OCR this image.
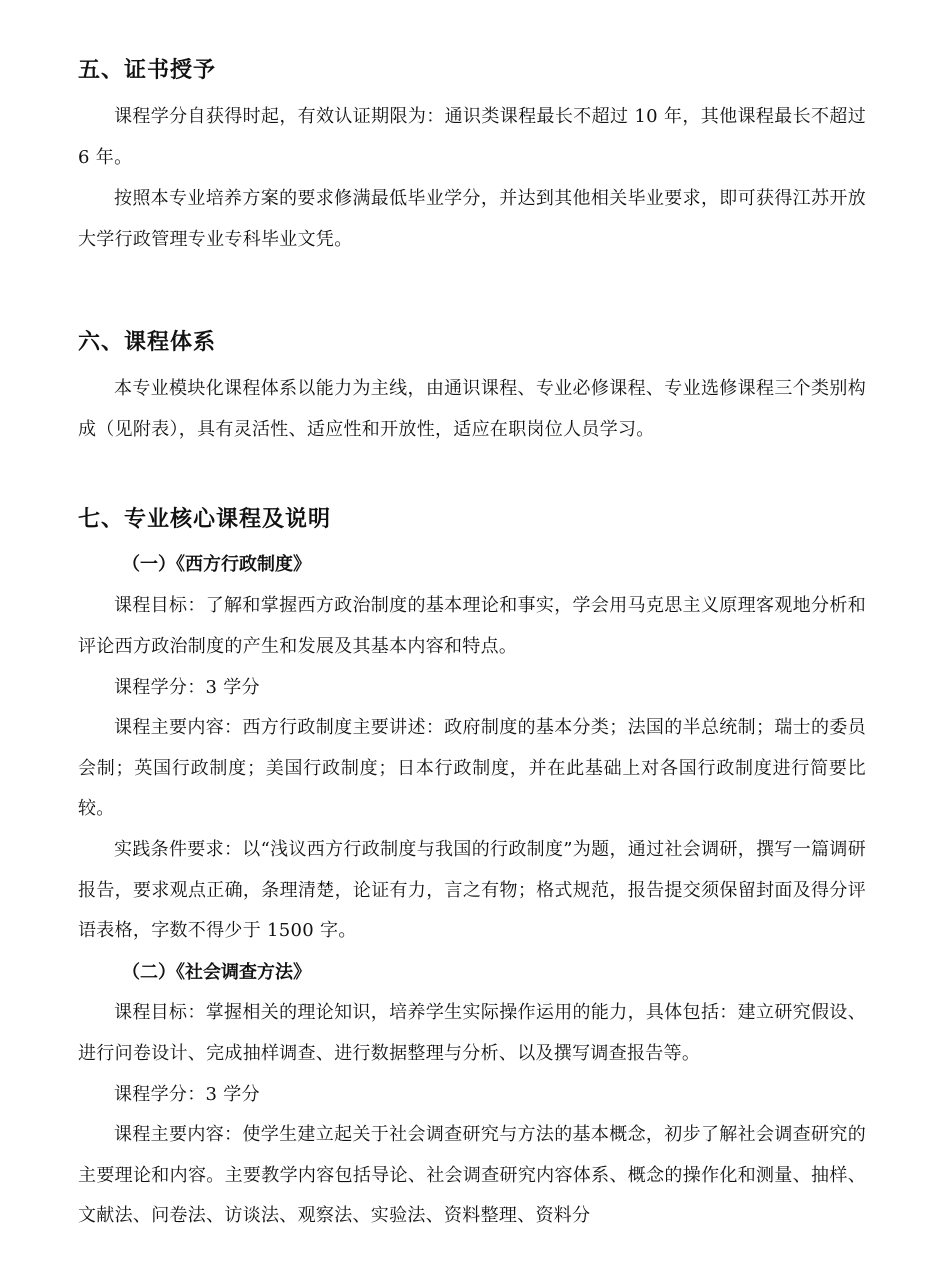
五、证书授予
课程学分自获得时起，有效认证期限为：通识类课程最长不超过 10 年，其他课程最长不超过 6 年。
按照本专业培养方案的要求修满最低毕业学分，并达到其他相关毕业要求，即可获得江苏开放大学行政管理专业专科毕业文凭。
六、课程体系
本专业模块化课程体系以能力为主线，由通识课程、专业必修课程、专业选修课程三个类别构成（见附表），具有灵活性、适应性和开放性，适应在职岗位人员学习。
七、专业核心课程及说明
（一）《西方行政制度》
课程目标：了解和掌握西方政治制度的基本理论和事实，学会用马克思主义原理客观地分析和评论西方政治制度的产生和发展及其基本内容和特点。
课程学分：3 学分
课程主要内容：西方行政制度主要讲述：政府制度的基本分类；法国的半总统制；瑞士的委员会制；英国行政制度；美国行政制度；日本行政制度，并在此基础上对各国行政制度进行简要比较。
实践条件要求：以“浅议西方行政制度与我国的行政制度”为题，通过社会调研，撰写一篇调研报告，要求观点正确，条理清楚，论证有力，言之有物；格式规范，报告提交须保留封面及得分评语表格，字数不得少于 1500 字。
（二）《社会调查方法》
课程目标：掌握相关的理论知识，培养学生实际操作运用的能力，具体包括：建立研究假设、进行问卷设计、完成抽样调查、进行数据整理与分析、以及撰写调查报告等。
课程学分：3 学分
课程主要内容：使学生建立起关于社会调查研究与方法的基本概念，初步了解社会调查研究的主要理论和内容。主要教学内容包括导论、社会调查研究内容体系、概念的操作化和测量、抽样、文献法、问卷法、访谈法、观察法、实验法、资料整理、资料分
